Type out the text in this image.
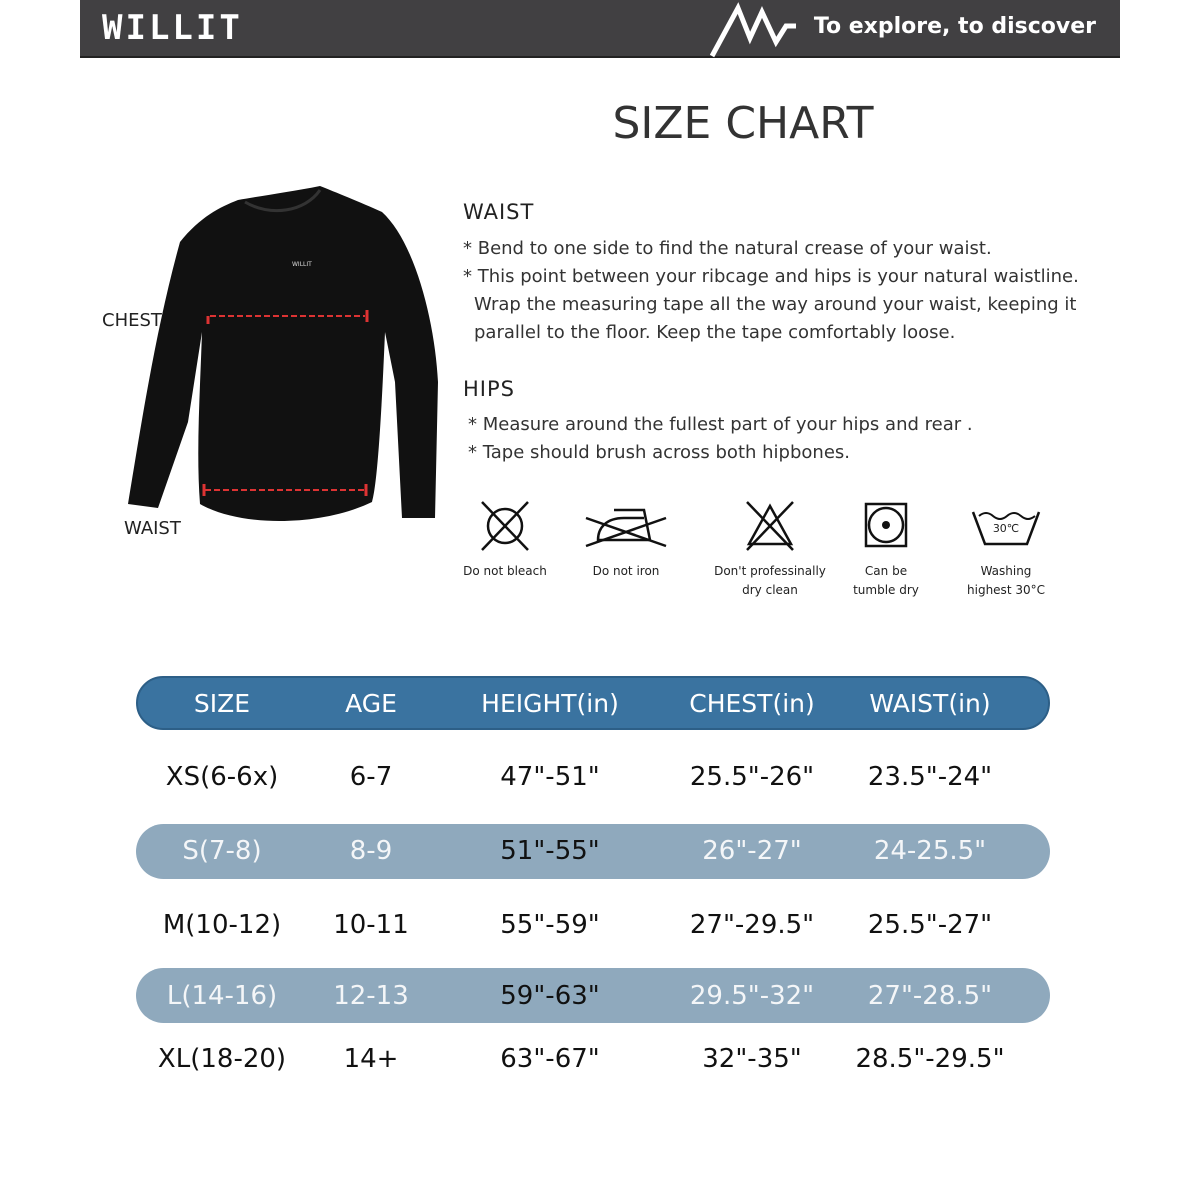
WILLIT	To explore, to discover
SIZE CHART
WILLIT
CHEST
WAIST
WAIST
* Bend to one side to find the natural crease of your waist.
* This point between your ribcage and hips is your natural waistline.
Wrap the measuring tape all the way around your waist, keeping it
parallel to the floor. Keep the tape comfortably loose.
HIPS
* Measure around the fullest part of your hips and rear .
* Tape should brush across both hipbones.
Do not bleach	Do not iron	Don't professinally
dry clean
Can be
tumble dry
30℃
Washing
highest 30°C
SIZE	AGE	HEIGHT(in)	CHEST(in)	WAIST(in)
XS(6-6x)	6-7	47"-51"	25.5"-26"	23.5"-24"
S(7-8)	8-9	51"-55"	26"-27"	24-25.5"
M(10-12)	10-11	55"-59"	27"-29.5"	25.5"-27"
L(14-16)	12-13	59"-63"	29.5"-32"	27"-28.5"
XL(18-20)	14+	63"-67"	32"-35"	28.5"-29.5"
